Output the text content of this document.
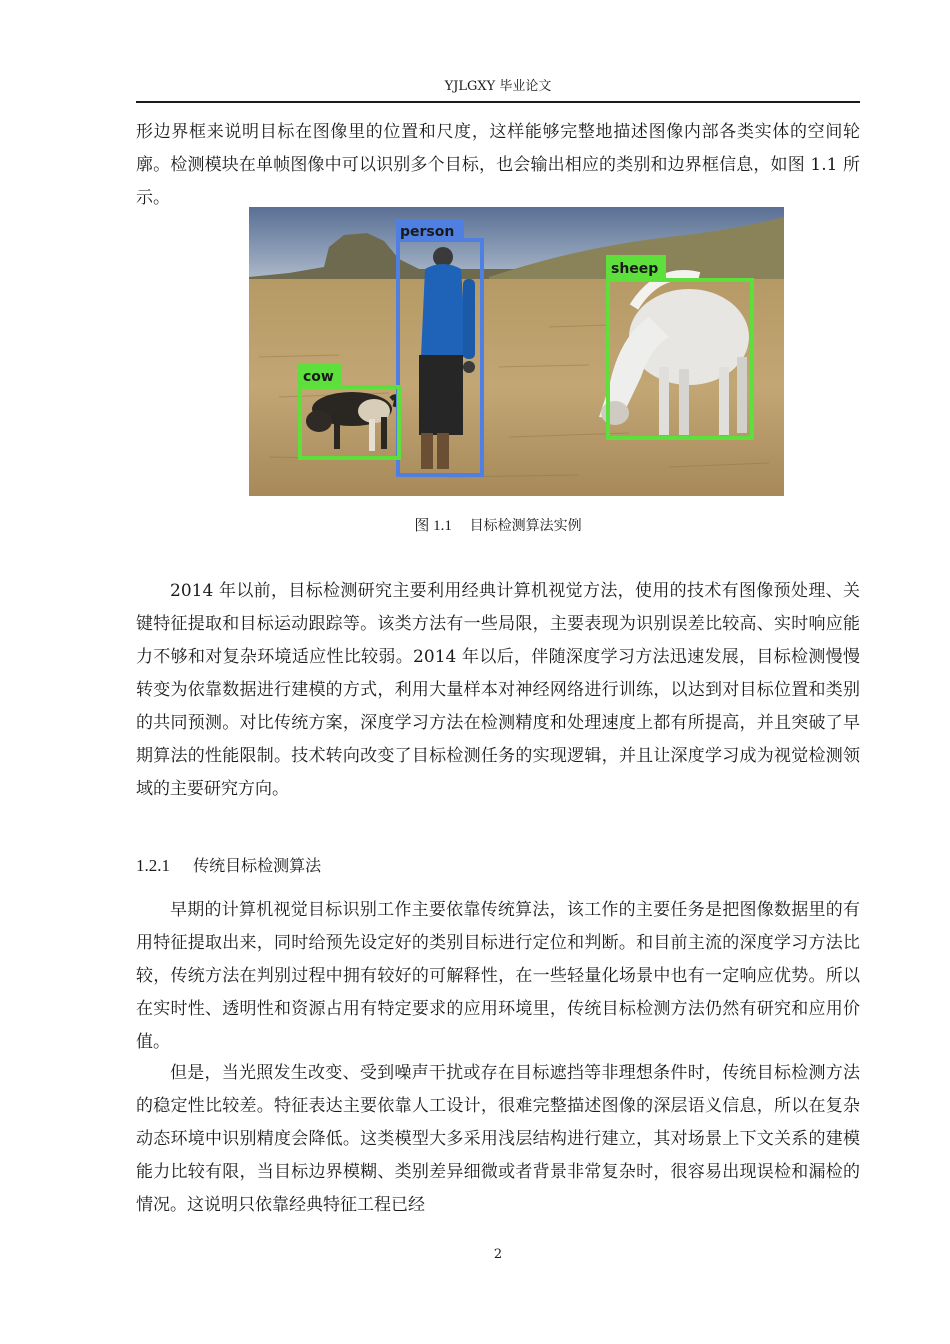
YJLGXY 毕业论文

形边界框来说明目标在图像里的位置和尺度，这样能够完整地描述图像内部各类实体的空间轮廓。检测模块在单帧图像中可以识别多个目标，也会输出相应的类别和边界框信息，如图 1.1 所示。

person
sheep
cow
图 1.1 目标检测算法实例

2014 年以前，目标检测研究主要利用经典计算机视觉方法，使用的技术有图像预处理、关键特征提取和目标运动跟踪等。该类方法有一些局限，主要表现为识别误差比较高、实时响应能力不够和对复杂环境适应性比较弱。2014 年以后，伴随深度学习方法迅速发展，目标检测慢慢转变为依靠数据进行建模的方式，利用大量样本对神经网络进行训练，以达到对目标位置和类别的共同预测。对比传统方案，深度学习方法在检测精度和处理速度上都有所提高，并且突破了早期算法的性能限制。技术转向改变了目标检测任务的实现逻辑，并且让深度学习成为视觉检测领域的主要研究方向。

1.2.1 传统目标检测算法

早期的计算机视觉目标识别工作主要依靠传统算法，该工作的主要任务是把图像数据里的有用特征提取出来，同时给预先设定好的类别目标进行定位和判断。和目前主流的深度学习方法比较，传统方法在判别过程中拥有较好的可解释性，在一些轻量化场景中也有一定响应优势。所以在实时性、透明性和资源占用有特定要求的应用环境里，传统目标检测方法仍然有研究和应用价值。

但是，当光照发生改变、受到噪声干扰或存在目标遮挡等非理想条件时，传统目标检测方法的稳定性比较差。特征表达主要依靠人工设计，很难完整描述图像的深层语义信息，所以在复杂动态环境中识别精度会降低。这类模型大多采用浅层结构进行建立，其对场景上下文关系的建模能力比较有限，当目标边界模糊、类别差异细微或者背景非常复杂时，很容易出现误检和漏检的情况。这说明只依靠经典特征工程已经

2
